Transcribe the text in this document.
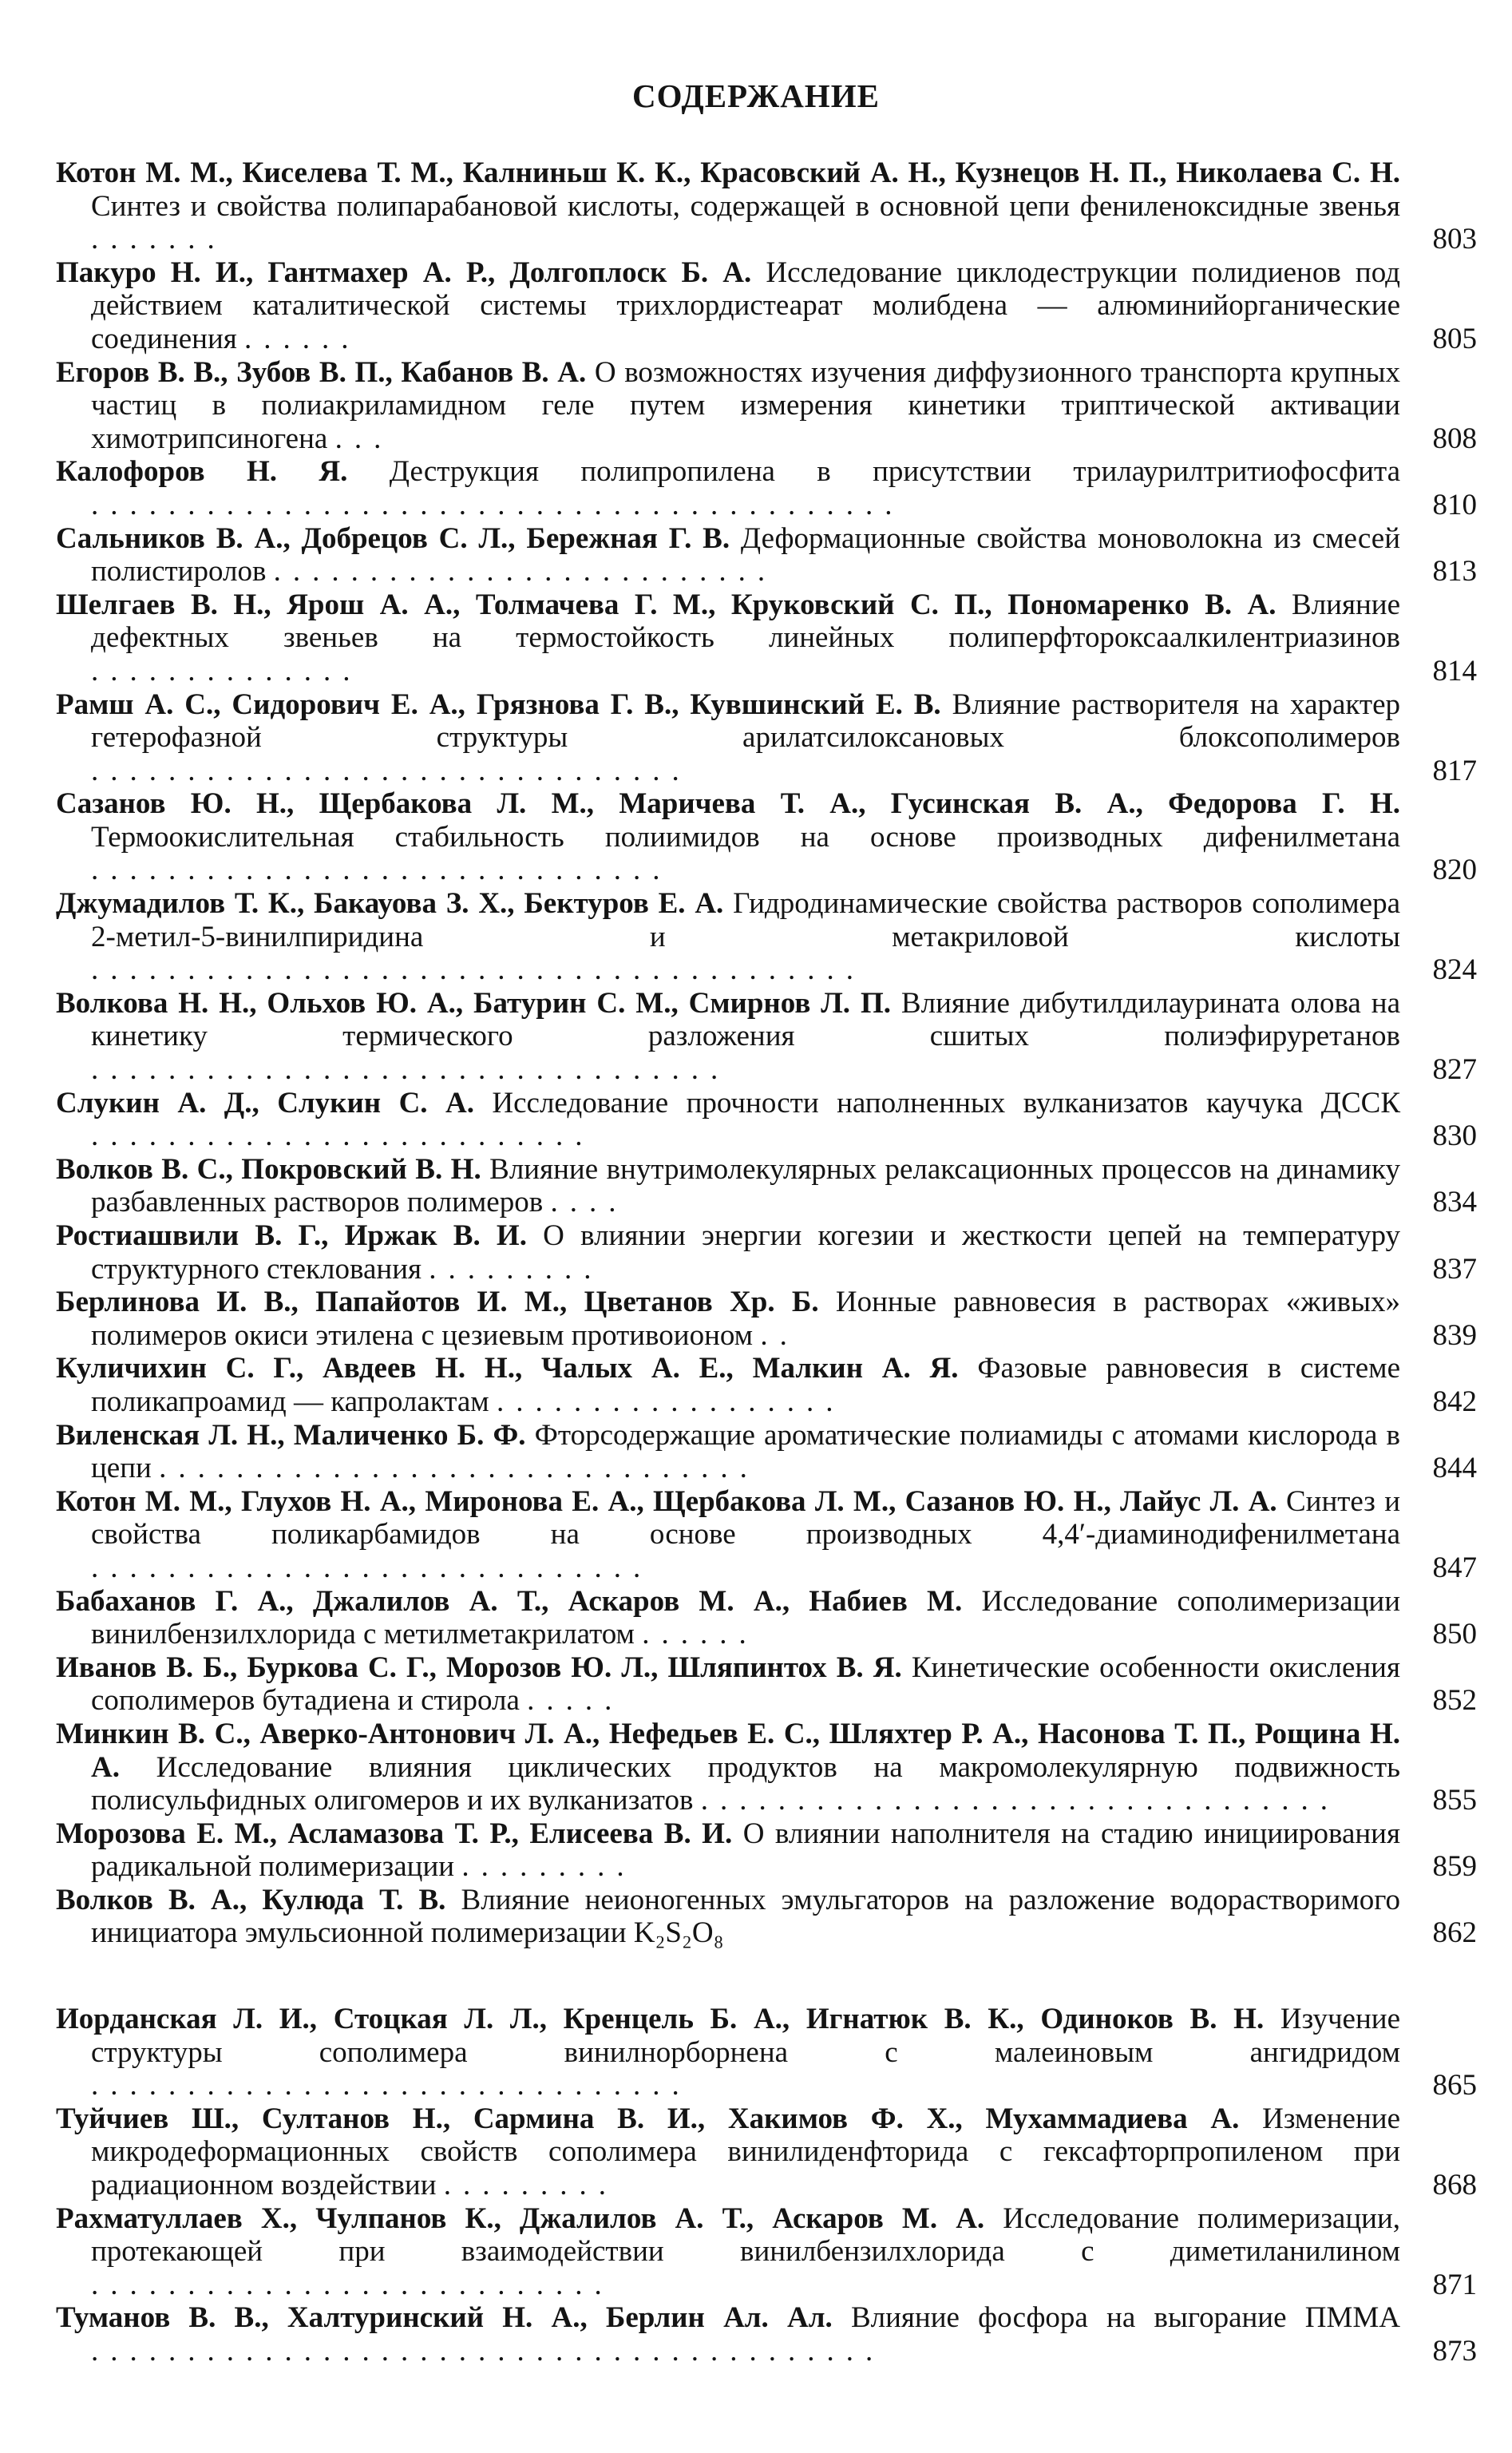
СОДЕРЖАНИЕ
Котон М. М., Киселева Т. М., Калниньш К. К., Красовский А. Н., Кузнецов Н. П., Николаева С. Н. Синтез и свойства полипарабановой кислоты, содержащей в основной цепи фениленоксидные звенья .......	803
Пакуро Н. И., Гантмахер А. Р., Долгоплоск Б. А. Исследование циклодеструкции полидиенов под действием каталитической системы трихлордистеарат молибдена — алюминийорганические соединения ......	805
Егоров В. В., Зубов В. П., Кабанов В. А. О возможностях изучения диффузионного транспорта крупных частиц в полиакриламидном геле путем измерения кинетики триптической активации химотрипсиногена ...	808
Калофоров Н. Я. Деструкция полипропилена в присутствии трилаурилтритиофосфита ..........................................	810
Сальников В. А., Добрецов С. Л., Бережная Г. В. Деформационные свойства моноволокна из смесей полистиролов ..........................	813
Шелгаев В. Н., Ярош А. А., Толмачева Г. М., Круковский С. П., Пономаренко В. А. Влияние дефектных звеньев на термостойкость линейных полиперфтороксаалкилентриазинов ..............	814
Рамш А. С., Сидорович Е. А., Грязнова Г. В., Кувшинский Е. В. Влияние растворителя на характер гетерофазной структуры арилатсилоксановых блоксополимеров ...............................	817
Сазанов Ю. Н., Щербакова Л. М., Маричева Т. А., Гусинская В. А., Федорова Г. Н. Термоокислительная стабильность полиимидов на основе производных дифенилметана ..............................	820
Джумадилов Т. К., Бакауова З. Х., Бектуров Е. А. Гидродинамические свойства растворов сополимера 2-метил-5-винилпиридина и метакриловой кислоты ........................................	824
Волкова Н. Н., Ольхов Ю. А., Батурин С. М., Смирнов Л. П. Влияние дибутилдилаурината олова на кинетику термического разложения сшитых полиэфируретанов .................................	827
Слукин А. Д., Слукин С. А. Исследование прочности наполненных вулканизатов каучука ДССК ..........................	830
Волков В. С., Покровский В. Н. Влияние внутримолекулярных релаксационных процессов на динамику разбавленных растворов полимеров ....	834
Ростиашвили В. Г., Иржак В. И. О влиянии энергии когезии и жесткости цепей на температуру структурного стеклования .........	837
Берлинова И. В., Папайотов И. М., Цветанов Хр. Б. Ионные равновесия в растворах «живых» полимеров окиси этилена с цезиевым противоионом ..	839
Куличихин С. Г., Авдеев Н. Н., Чалых А. Е., Малкин А. Я. Фазовые равновесия в системе поликапроамид — капролактам ..................	842
Виленская Л. Н., Маличенко Б. Ф. Фторсодержащие ароматические полиамиды с атомами кислорода в цепи ...............................	844
Котон М. М., Глухов Н. А., Миронова Е. А., Щербакова Л. М., Сазанов Ю. Н., Лайус Л. А. Синтез и свойства поликарбамидов на основе производных 4,4′-диаминодифенилметана .............................	847
Бабаханов Г. А., Джалилов А. Т., Аскаров М. А., Набиев М. Исследование сополимеризации винилбензилхлорида с метилметакрилатом ......	850
Иванов В. Б., Буркова С. Г., Морозов Ю. Л., Шляпинтох В. Я. Кинетические особенности окисления сополимеров бутадиена и стирола .....	852
Минкин В. С., Аверко-Антонович Л. А., Нефедьев Е. С., Шляхтер Р. А., Насонова Т. П., Рощина Н. А. Исследование влияния циклических продуктов на макромолекулярную подвижность полисульфидных олигомеров и их вулканизатов .................................	855
Морозова Е. М., Асламазова Т. Р., Елисеева В. И. О влиянии наполнителя на стадию инициирования радикальной полимеризации .........	859
Волков В. А., Кулюда Т. В. Влияние неионогенных эмульгаторов на разложение водорастворимого инициатора эмульсионной полимеризации K₂S₂O₈	862
Иорданская Л. И., Стоцкая Л. Л., Кренцель Б. А., Игнатюк В. К., Одиноков В. Н. Изучение структуры сополимера винилнорборнена с малеиновым ангидридом ...............................	865
Туйчиев Ш., Султанов Н., Сармина В. И., Хакимов Ф. Х., Мухаммадиева А. Изменение микродеформационных свойств сополимера винилиденфторида с гексафторпропиленом при радиационном воздействии .........	868
Рахматуллаев Х., Чулпанов К., Джалилов А. Т., Аскаров М. А. Исследование полимеризации, протекающей при взаимодействии винилбензилхлорида с диметиланилином ...........................	871
Туманов В. В., Халтуринский Н. А., Берлин Ал. Ал. Влияние фосфора на выгорание ПММА .........................................	873
